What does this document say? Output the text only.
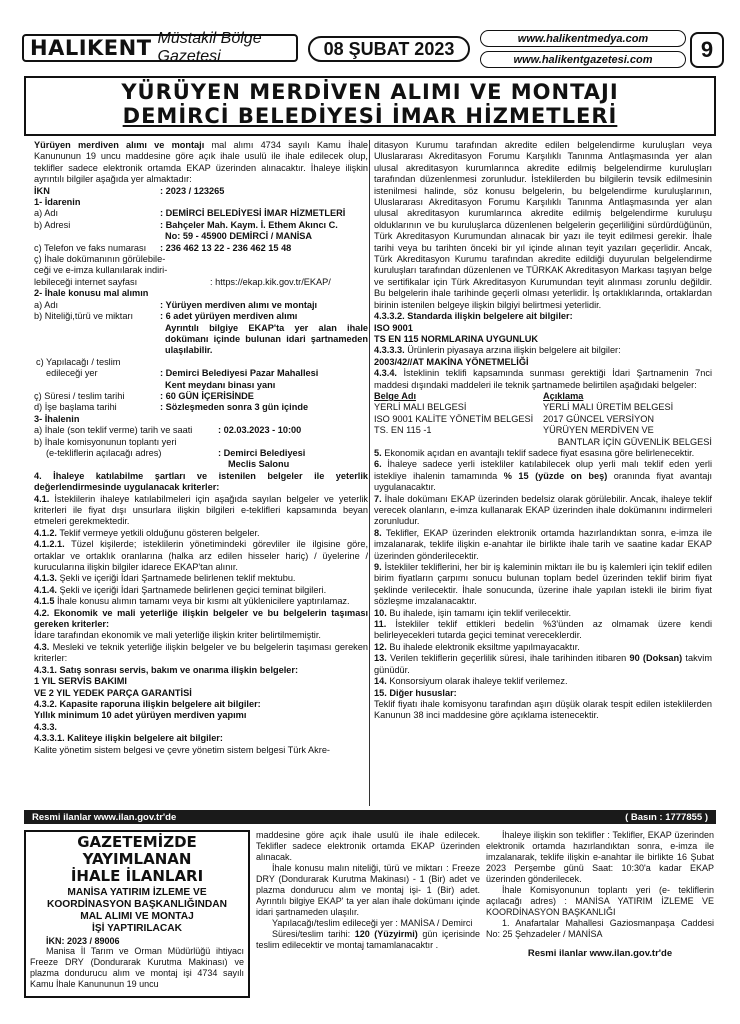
HALIKENT Müstakil Bölge Gazetesi	08 ŞUBAT 2023	www.halikentmedya.com
www.halikentgazetesi.com	9
YÜRÜYEN MERDİVEN ALIMI VE MONTAJI
DEMİRCİ BELEDİYESİ İMAR HİZMETLERİ

Yürüyen merdiven alımı ve montajı mal alımı 4734 sayılı Kamu İhale Kanununun 19 uncu maddesine göre açık ihale usulü ile ihale edilecek olup, teklifler sadece elektronik ortamda EKAP üzerinden alınacaktır. İhaleye ilişkin ayrıntılı bilgiler aşağıda yer almaktadır:

İKN	: 2023 / 123265

1- İdarenin

a) Adı	: DEMİRCİ BELEDİYESİ İMAR HİZMETLERİ
b) Adresi	: Bahçeler Mah. Kaym. İ. Ethem Akıncı C.

No: 59 - 45900 DEMİRCİ / MANİSA

c) Telefon ve faks numarası	: 236 462 13 22 - 236 462 15 48

ç) İhale dokümanının görülebile-

ceği ve e-imza kullanılarak indiri-

lebileceği internet sayfası	: https://ekap.kik.gov.tr/EKAP/

2- İhale konusu mal alımın

a) Adı	: Yürüyen merdiven alımı ve montajı
b) Niteliği,türü ve miktarı	: 6 adet yürüyen merdiven alımı

Ayrıntılı bilgiye EKAP'ta yer alan ihale dokümanı içinde bulunan idari şartnameden ulaşılabilir.

c) Yapılacağı / teslim

edileceği yer	: Demirci Belediyesi Pazar Mahallesi

Kent meydanı binası yanı

ç) Süresi / teslim tarihi	: 60 GÜN İÇERİSİNDE
d) İşe başlama tarihi	: Sözleşmeden sonra 3 gün içinde

3- İhalenin

a) İhale (son teklif verme) tarih ve saati	: 02.03.2023 - 10:00

b) İhale komisyonunun toplantı yeri

(e-tekliflerin açılacağı adres)	: Demirci Belediyesi

Meclis Salonu

4. İhaleye katılabilme şartları ve istenilen belgeler ile yeterlik değerlendirmesinde uygulanacak kriterler:

4.1. İsteklilerin ihaleye katılabilmeleri için aşağıda sayılan belgeler ve yeterlik kriterleri ile fiyat dışı unsurlara ilişkin bilgileri e-teklifleri kapsamında beyan etmeleri gerekmektedir.

4.1.2. Teklif vermeye yetkili olduğunu gösteren belgeler.

4.1.2.1. Tüzel kişilerde; isteklilerin yönetimindeki görevliler ile ilgisine göre, ortaklar ve ortaklık oranlarına (halka arz edilen hisseler hariç) / üyelerine / kurucularına ilişkin bilgiler idarece EKAP'tan alınır.

4.1.3. Şekli ve içeriği İdari Şartnamede belirlenen teklif mektubu.

4.1.4. Şekli ve içeriği İdari Şartnamede belirlenen geçici teminat bilgileri.

4.1.5 İhale konusu alımın tamamı veya bir kısmı alt yüklenicilere yaptırılamaz.

4.2. Ekonomik ve mali yeterliğe ilişkin belgeler ve bu belgelerin taşıması gereken kriterler:

İdare tarafından ekonomik ve mali yeterliğe ilişkin kriter belirtilmemiştir.

4.3. Mesleki ve teknik yeterliğe ilişkin belgeler ve bu belgelerin taşıması gereken kriterler:

4.3.1. Satış sonrası servis, bakım ve onarıma ilişkin belgeler:

1 YIL SERVİS BAKIMI

VE 2 YIL YEDEK PARÇA GARANTİSİ

4.3.2. Kapasite raporuna ilişkin belgelere ait bilgiler:

Yıllık minimum 10 adet yürüyen merdiven yapımı

4.3.3.

4.3.3.1. Kaliteye ilişkin belgelere ait bilgiler:

Kalite yönetim sistem belgesi ve çevre yönetim sistem belgesi Türk Akre-

ditasyon Kurumu tarafından akredite edilen belgelendirme kuruluşları veya Uluslararası Akreditasyon Forumu Karşılıklı Tanınma Antlaşmasında yer alan ulusal akreditasyon kurumlarınca akredite edilmiş belgelendirme kuruluşları tarafından düzenlenmesi zorunludur. İsteklilerden bu bilgilerin tevsik edilmesinin istenilmesi halinde, söz konusu belgelerin, bu belgelendirme kuruluşlarının, Uluslararası Akreditasyon Forumu Karşılıklı Tanınma Antlaşmasında yer alan ulusal akreditasyon kurumlarınca akredite edilmiş belgelendirme kuruluşu olduklarının ve bu kuruluşlarca düzenlenen belgelerin geçerliliğini sürdürdüğünün, Türk Akreditasyon Kurumundan alınacak bir yazı ile teyit edilmesi gerekir. İhale tarihi veya bu tarihten önceki bir yıl içinde alınan teyit yazıları geçerlidir. Ancak, Türk Akreditasyon Kurumu tarafından akredite edildiği duyurulan belgelendirme kuruluşları tarafından düzenlenen ve TÜRKAK Akreditasyon Markası taşıyan belge ve sertifikalar için Türk Akreditasyon Kurumundan teyit alınması zorunlu değildir. Bu belgelerin ihale tarihinde geçerli olması yeterlidir. İş ortaklıklarında, ortaklardan birinin istenilen belgeye ilişkin bilgiyi belirtmesi yeterlidir.

4.3.3.2. Standarda ilişkin belgelere ait bilgiler:

ISO 9001

TS EN 115 NORMLARINA UYGUNLUK

4.3.3.3. Ürünlerin piyasaya arzına ilişkin belgelere ait bilgiler:

2003/42//AT MAKİNA YÖNETMELİĞİ

4.3.4. İsteklinin teklifi kapsamında sunması gerektiği İdari Şartnamenin 7nci maddesi dışındaki maddeleri ile teknik şartnamede belirtilen aşağıdaki belgeler:

Belge Adı	Açıklama
YERLİ MALI BELGESİ	YERLİ MALI ÜRETİM BELGESİ
ISO 9001 KALİTE YÖNETİM BELGESİ	2017 GÜNCEL VERSİYON
TS. EN 115 -1	YÜRÜYEN MERDİVEN VE

BANTLAR İÇİN GÜVENLİK BELGESİ

5. Ekonomik açıdan en avantajlı teklif sadece fiyat esasına göre belirlenecektir.

6. İhaleye sadece yerli istekliler katılabilecek olup yerli malı teklif eden yerli istekliye ihalenin tamamında % 15 (yüzde on beş) oranında fiyat avantajı uygulanacaktır.

7. İhale dokümanı EKAP üzerinden bedelsiz olarak görülebilir. Ancak, ihaleye teklif verecek olanların, e-imza kullanarak EKAP üzerinden ihale dokümanını indirmeleri zorunludur.

8. Teklifler, EKAP üzerinden elektronik ortamda hazırlandıktan sonra, e-imza ile imzalanarak, teklife ilişkin e-anahtar ile birlikte ihale tarih ve saatine kadar EKAP üzerinden gönderilecektir.

9. İstekliler tekliflerini, her bir iş kaleminin miktarı ile bu iş kalemleri için teklif edilen birim fiyatların çarpımı sonucu bulunan toplam bedel üzerinden teklif birim fiyat şeklinde verilecektir. İhale sonucunda, üzerine ihale yapılan istekli ile birim fiyat sözleşme imzalanacaktır.

10. Bu ihalede, işin tamamı için teklif verilecektir.

11. İstekliler teklif ettikleri bedelin %3'ünden az olmamak üzere kendi belirleyecekleri tutarda geçici teminat vereceklerdir.

12. Bu ihalede elektronik eksiltme yapılmayacaktır.

13. Verilen tekliflerin geçerlilik süresi, ihale tarihinden itibaren 90 (Doksan) takvim günüdür.

14. Konsorsiyum olarak ihaleye teklif verilemez.

15. Diğer hususlar:

Teklif fiyatı ihale komisyonu tarafından aşırı düşük olarak tespit edilen isteklilerden Kanunun 38 inci maddesine göre açıklama istenecektir.

Resmi ilanlar www.ilan.gov.tr'de	( Basın : 1777855 )
GAZETEMİZDE YAYIMLANAN
İHALE İLANLARI
MANİSA YATIRIM İZLEME VE
KOORDİNASYON BAŞKANLIĞINDAN
MAL ALIMI VE MONTAJ
İŞİ YAPTIRILACAK
İKN: 2023 / 89006
Manisa İl Tarım ve Orman Müdürlüğü ihtiyacı Freeze DRY (Dondurarak Kurutma Makinası) ve plazma dondurucu alım ve montaj işi 4734 sayılı Kamu İhale Kanununun 19 uncu

maddesine göre açık ihale usulü ile ihale edilecek. Teklifler sadece elektronik ortamda EKAP üzerinden alınacak.

İhale konusu malın niteliği, türü ve miktarı : Freeze DRY (Dondurarak Kurutma Makinası) - 1 (Bir) adet ve plazma dondurucu alım ve montaj işi- 1 (Bir) adet. Ayrıntılı bilgiye EKAP' ta yer alan ihale dokümanı içinde idari şartnameden ulaşılır.

Yapılacağı/teslim edileceği yer : MANİSA / Demirci

Süresi/teslim tarihi: 120 (Yüzyirmi) gün içerisinde teslim edilecektir ve montaj tamamlanacaktır .

İhaleye ilişkin son teklifler : Teklifler, EKAP üzerinden elektronik ortamda hazırlandıktan sonra, e-imza ile imzalanarak, teklife ilişkin e-anahtar ile birlikte 16 Şubat 2023 Perşembe günü Saat: 10:30'a kadar EKAP üzerinden gönderilecek.

İhale Komisyonunun toplantı yeri (e- tekliflerin açılacağı adres) : MANİSA YATIRIM İZLEME VE KOORDİNASYON BAŞKANLIĞI

1. Anafartalar Mahallesi Gaziosmanpaşa Caddesi No: 25 Şehzadeler / MANİSA

Resmi ilanlar www.ilan.gov.tr'de
